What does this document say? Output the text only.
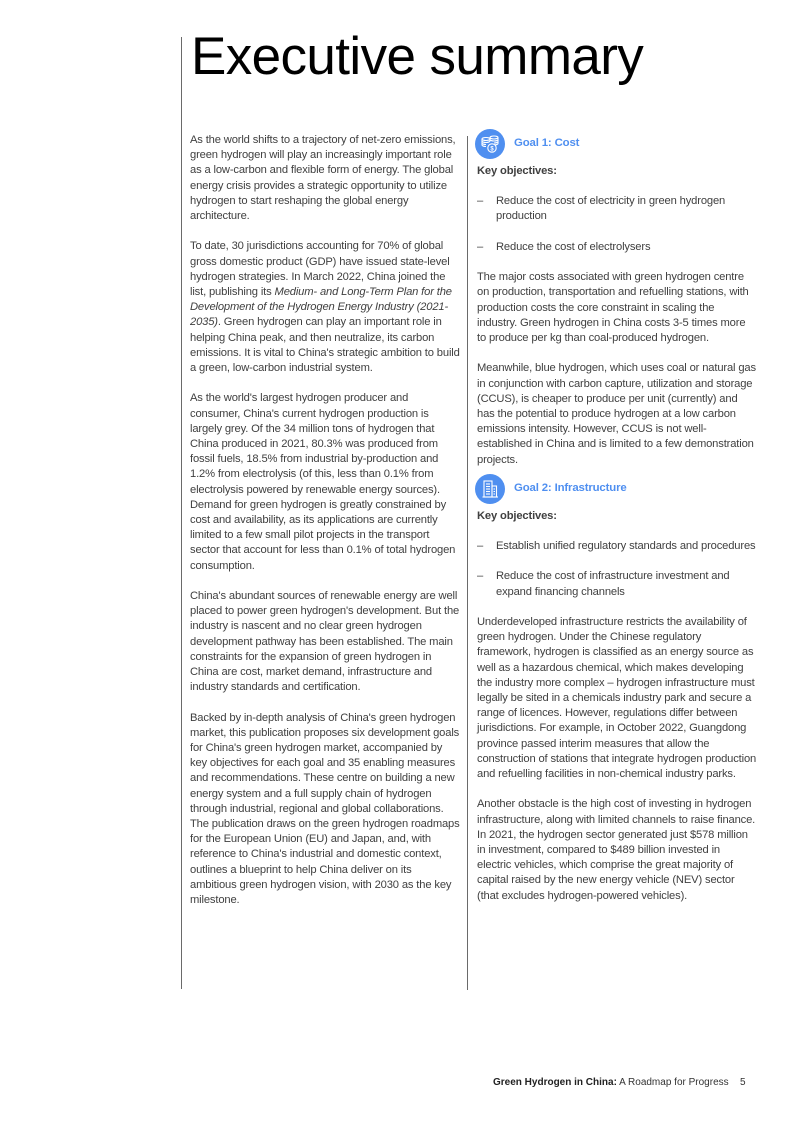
Executive summary

As the world shifts to a trajectory of net-zero emissions, green hydrogen will play an increasingly important role as a low-carbon and flexible form of energy. The global energy crisis provides a strategic opportunity to utilize hydrogen to start reshaping the global energy architecture.

To date, 30 jurisdictions accounting for 70% of global gross domestic product (GDP) have issued state-level hydrogen strategies. In March 2022, China joined the list, publishing its Medium- and Long-Term Plan for the Development of the Hydrogen Energy Industry (2021-2035). Green hydrogen can play an important role in helping China peak, and then neutralize, its carbon emissions. It is vital to China's strategic ambition to build a green, low-carbon industrial system.

As the world's largest hydrogen producer and consumer, China's current hydrogen production is largely grey. Of the 34 million tons of hydrogen that China produced in 2021, 80.3% was produced from fossil fuels, 18.5% from industrial by-production and 1.2% from electrolysis (of this, less than 0.1% from electrolysis powered by renewable energy sources). Demand for green hydrogen is greatly constrained by cost and availability, as its applications are currently limited to a few small pilot projects in the transport sector that account for less than 0.1% of total hydrogen consumption.

China's abundant sources of renewable energy are well placed to power green hydrogen's development. But the industry is nascent and no clear green hydrogen development pathway has been established. The main constraints for the expansion of green hydrogen in China are cost, market demand, infrastructure and industry standards and certification.

Backed by in-depth analysis of China's green hydrogen market, this publication proposes six development goals for China's green hydrogen market, accompanied by key objectives for each goal and 35 enabling measures and recommendations. These centre on building a new energy system and a full supply chain of hydrogen through industrial, regional and global collaborations. The publication draws on the green hydrogen roadmaps for the European Union (EU) and Japan, and, with reference to China's industrial and domestic context, outlines a blueprint to help China deliver on its ambitious green hydrogen vision, with 2030 as the key milestone.

$ Goal 1: Cost
Key objectives:
– Reduce the cost of electricity in green hydrogen production
– Reduce the cost of electrolysers

The major costs associated with green hydrogen centre on production, transportation and refuelling stations, with production costs the core constraint in scaling the industry. Green hydrogen in China costs 3-5 times more to produce per kg than coal-produced hydrogen.

Meanwhile, blue hydrogen, which uses coal or natural gas in conjunction with carbon capture, utilization and storage (CCUS), is cheaper to produce per unit (currently) and has the potential to produce hydrogen at a low carbon emissions intensity. However, CCUS is not well-established in China and is limited to a few demonstration projects.

Goal 2: Infrastructure
Key objectives:
– Establish unified regulatory standards and procedures
– Reduce the cost of infrastructure investment and expand financing channels

Underdeveloped infrastructure restricts the availability of green hydrogen. Under the Chinese regulatory framework, hydrogen is classified as an energy source as well as a hazardous chemical, which makes developing the industry more complex – hydrogen infrastructure must legally be sited in a chemicals industry park and secure a range of licences. However, regulations differ between jurisdictions. For example, in October 2022, Guangdong province passed interim measures that allow the construction of stations that integrate hydrogen production and refuelling facilities in non-chemical industry parks.

Another obstacle is the high cost of investing in hydrogen infrastructure, along with limited channels to raise finance. In 2021, the hydrogen sector generated just $578 million in investment, compared to $489 billion invested in electric vehicles, which comprise the great majority of capital raised by the new energy vehicle (NEV) sector (that excludes hydrogen-powered vehicles).

Green Hydrogen in China: A Roadmap for Progress 5
